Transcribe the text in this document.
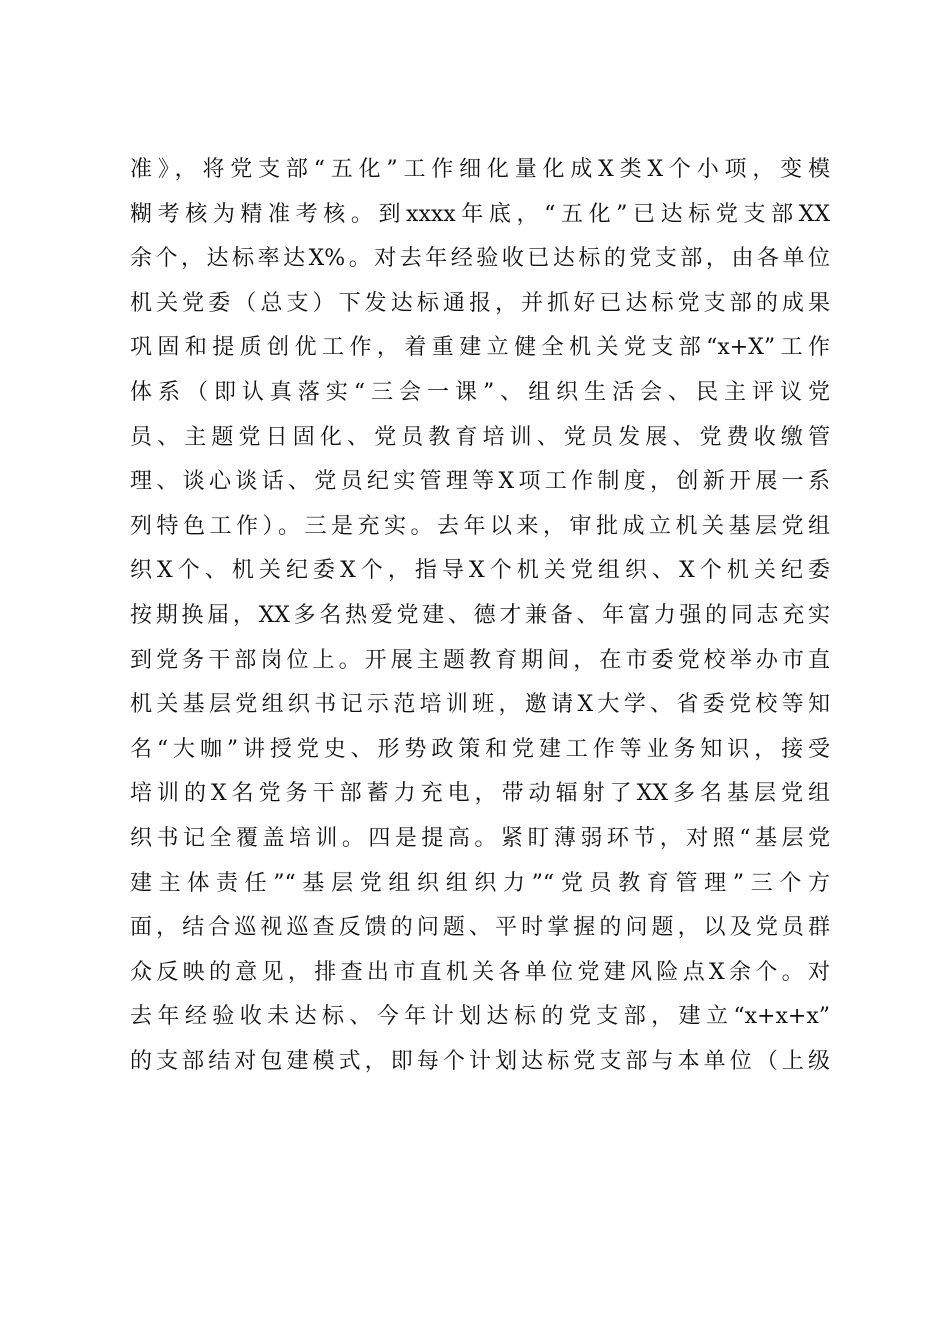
准》，将党支部“五化”工作细化量化成X类X个小项，变模
糊考核为精准考核。到xxxx年底，“五化”已达标党支部XX
余个，达标率达X%。对去年经验收已达标的党支部，由各单位
机关党委（总支）下发达标通报，并抓好已达标党支部的成果
巩固和提质创优工作，着重建立健全机关党支部“x+X”工作
体系（即认真落实“三会一课”、组织生活会、民主评议党
员、主题党日固化、党员教育培训、党员发展、党费收缴管
理、谈心谈话、党员纪实管理等X项工作制度，创新开展一系
列特色工作）。三是充实。去年以来，审批成立机关基层党组
织X个、机关纪委X个，指导X个机关党组织、X个机关纪委
按期换届，XX多名热爱党建、德才兼备、年富力强的同志充实
到党务干部岗位上。开展主题教育期间，在市委党校举办市直
机关基层党组织书记示范培训班，邀请X大学、省委党校等知
名“大咖”讲授党史、形势政策和党建工作等业务知识，接受
培训的X名党务干部蓄力充电，带动辐射了XX多名基层党组
织书记全覆盖培训。四是提高。紧盯薄弱环节，对照“基层党
建主体责任”“基层党组织组织力”“党员教育管理”三个方
面，结合巡视巡查反馈的问题、平时掌握的问题，以及党员群
众反映的意见，排查出市直机关各单位党建风险点X余个。对
去年经验收未达标、今年计划达标的党支部，建立“x+x+x”
的支部结对包建模式，即每个计划达标党支部与本单位（上级
